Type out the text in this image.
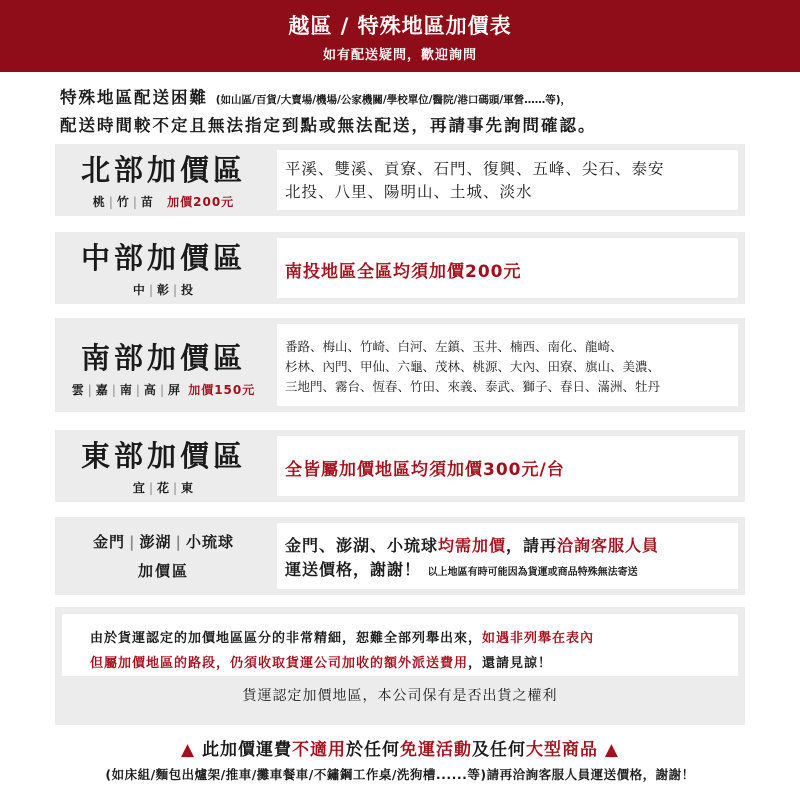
越區 / 特殊地區加價表
如有配送疑問，歡迎詢問
特殊地區配送困難 (如山區/百貨/大賣場/機場/公家機關/學校單位/醫院/港口碼頭/軍營……等)，
配送時間較不定且無法指定到點或無法配送，再請事先詢問確認。
北部加價區
桃 | 竹 | 苗 加價200元
平溪、雙溪、貢寮、石門、復興、五峰、尖石、泰安
北投、八里、陽明山、土城、淡水
中部加價區
中 | 彰 | 投
南投地區全區均須加價200元
南部加價區
雲 | 嘉 | 南 | 高 | 屏 加價150元
番路、梅山、竹崎、白河、左鎮、玉井、楠西、南化、龍崎、
杉林、內門、甲仙、六龜、茂林、桃源、大內、田寮、旗山、美濃、
三地門、霧台、恆春、竹田、來義、泰武、獅子、春日、滿洲、牡丹
東部加價區
宜 | 花 | 東
全皆屬加價地區均須加價300元/台
金門 | 澎湖 | 小琉球
加價區
金門、澎湖、小琉球均需加價，請再洽詢客服人員
運送價格，謝謝！ 以上地區有時可能因為貨運或商品特殊無法寄送
由於貨運認定的加價地區區分的非常精細，恕難全部列舉出來，如遇非列舉在表內
但屬加價地區的路段，仍須收取貨運公司加收的額外派送費用，還請見諒！
貨運認定加價地區，本公司保有是否出貨之權利
▲ 此加價運費不適用於任何免運活動及任何大型商品 ▲
(如床組/麵包出爐架/推車/攤車餐車/不鏽鋼工作桌/洗狗槽......等)請再洽詢客服人員運送價格，謝謝！
